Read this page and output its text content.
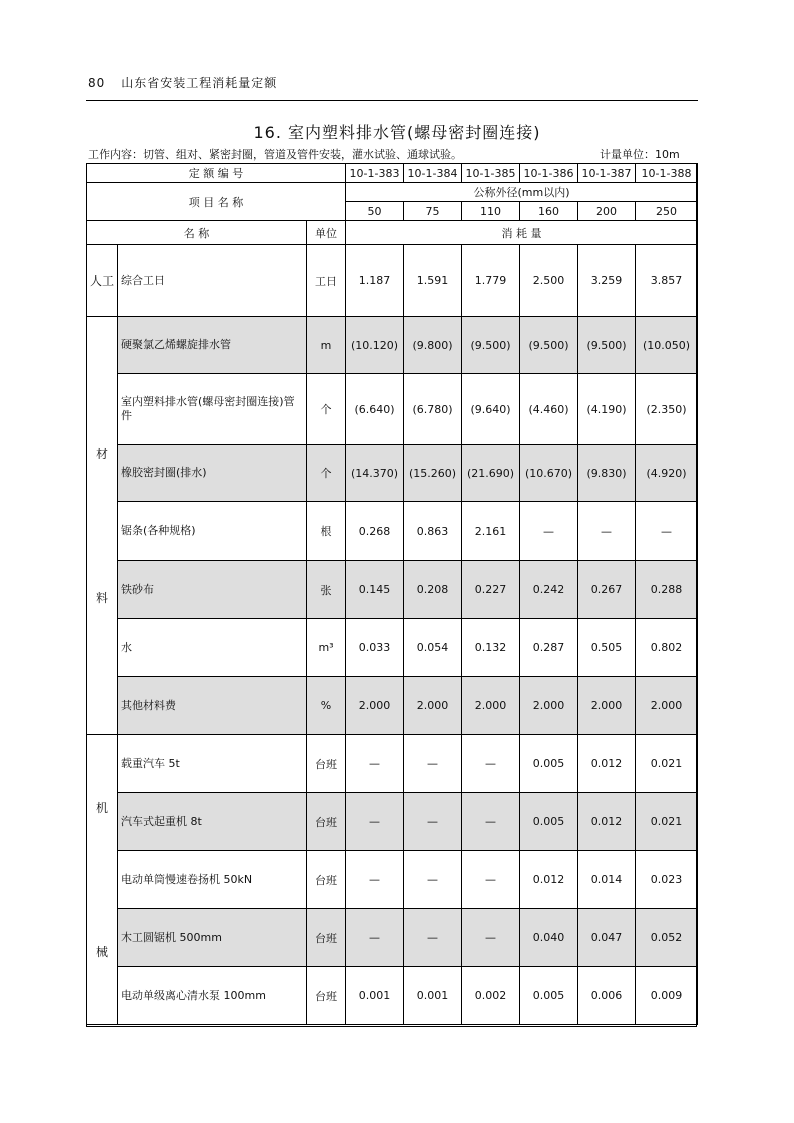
80 山东省安装工程消耗量定额
16. 室内塑料排水管(螺母密封圈连接)
工作内容：切管、组对、紧密封圈，管道及管件安装，灌水试验、通球试验。	计量单位：10m
定 额 编 号			10-1-383	10-1-384	10-1-385	10-1-386	10-1-387	10-1-388
项 目 名 称			公称外径(mm以内)					
			50	75	110	160	200	250
名 称		单位	消 耗 量					

人工	综合工日	工日	1.187	1.591	1.779	2.500	3.259	3.857

材
料	硬聚氯乙烯螺旋排水管	m	(10.120)	(9.800)	(9.500)	(9.500)	(9.500)	(10.050)
	室内塑料排水管(螺母密封圈连接)管件	个	(6.640)	(6.780)	(9.640)	(4.460)	(4.190)	(2.350)
	橡胶密封圈(排水)	个	(14.370)	(15.260)	(21.690)	(10.670)	(9.830)	(4.920)
	锯条(各种规格)	根	0.268	0.863	2.161	—	—	—
	铁砂布	张	0.145	0.208	0.227	0.242	0.267	0.288
	水	m³	0.033	0.054	0.132	0.287	0.505	0.802
	其他材料费	%	2.000	2.000	2.000	2.000	2.000	2.000

机
械	载重汽车 5t	台班	—	—	—	0.005	0.012	0.021
	汽车式起重机 8t	台班	—	—	—	0.005	0.012	0.021
	电动单筒慢速卷扬机 50kN	台班	—	—	—	0.012	0.014	0.023
	木工圆锯机 500mm	台班	—	—	—	0.040	0.047	0.052
	电动单级离心清水泵 100mm	台班	0.001	0.001	0.002	0.005	0.006	0.009
